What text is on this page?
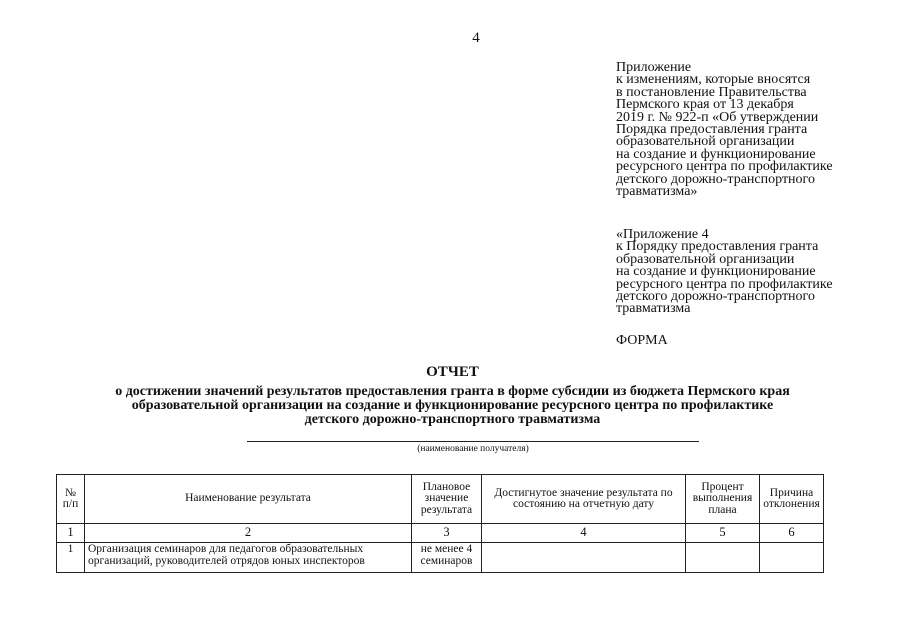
4
Приложение
к изменениям, которые вносятся
в постановление Правительства
Пермского края от 13 декабря
2019 г. № 922-п «Об утверждении
Порядка предоставления гранта
образовательной организации
на создание и функционирование
ресурсного центра по профилактике
детского дорожно-транспортного
травматизма»
«Приложение 4
к Порядку предоставления гранта
образовательной организации
на создание и функционирование
ресурсного центра по профилактике
детского дорожно-транспортного
травматизма
ФОРМА
ОТЧЕТ
о достижении значений результатов предоставления гранта в форме субсидии из бюджета Пермского края
образовательной организации на создание и функционирование ресурсного центра по профилактике
детского дорожно-транспортного травматизма
(наименование получателя)
№ п/п	Наименование результата	Плановое значение результата	Достигнутое значение результата по состоянию на отчетную дату	Процент выполнения плана	Причина отклонения
1	2	3	4	5	6
1	Организация семинаров для педагогов образовательных организаций, руководителей отрядов юных инспекторов	не менее 4 семинаров			
